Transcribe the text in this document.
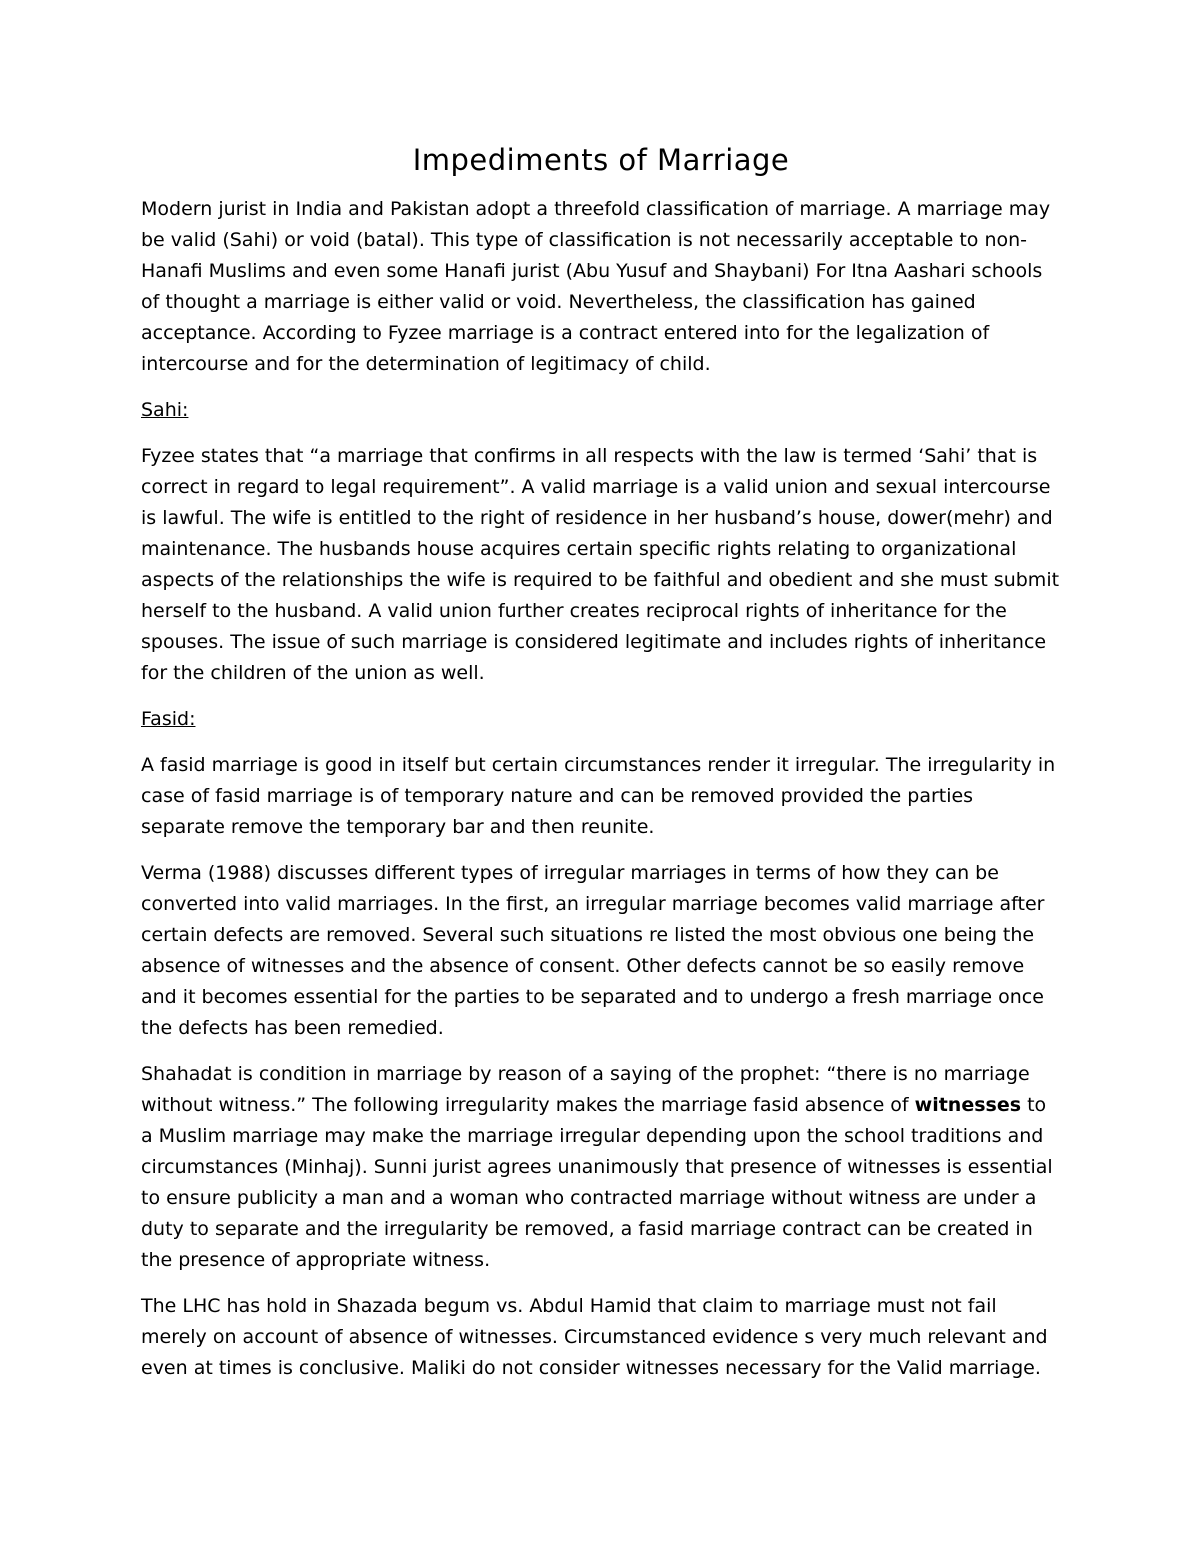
Impediments of Marriage

Modern jurist in India and Pakistan adopt a threefold classification of marriage. A marriage may be valid (Sahi) or void (batal). This type of classification is not necessarily acceptable to non-Hanafi Muslims and even some Hanafi jurist (Abu Yusuf and Shaybani) For Itna Aashari schools of thought a marriage is either valid or void. Nevertheless, the classification has gained acceptance. According to Fyzee marriage is a contract entered into for the legalization of intercourse and for the determination of legitimacy of child.

Sahi:

Fyzee states that “a marriage that confirms in all respects with the law is termed ‘Sahi’ that is correct in regard to legal requirement”. A valid marriage is a valid union and sexual intercourse is lawful. The wife is entitled to the right of residence in her husband’s house, dower(mehr) and maintenance. The husbands house acquires certain specific rights relating to organizational aspects of the relationships the wife is required to be faithful and obedient and she must submit herself to the husband. A valid union further creates reciprocal rights of inheritance for the spouses. The issue of such marriage is considered legitimate and includes rights of inheritance for the children of the union as well.

Fasid:

A fasid marriage is good in itself but certain circumstances render it irregular. The irregularity in case of fasid marriage is of temporary nature and can be removed provided the parties separate remove the temporary bar and then reunite.

Verma (1988) discusses different types of irregular marriages in terms of how they can be converted into valid marriages. In the first, an irregular marriage becomes valid marriage after certain defects are removed. Several such situations re listed the most obvious one being the absence of witnesses and the absence of consent. Other defects cannot be so easily remove and it becomes essential for the parties to be separated and to undergo a fresh marriage once the defects has been remedied.

Shahadat is condition in marriage by reason of a saying of the prophet: “there is no marriage without witness.” The following irregularity makes the marriage fasid absence of witnesses to a Muslim marriage may make the marriage irregular depending upon the school traditions and circumstances (Minhaj). Sunni jurist agrees unanimously that presence of witnesses is essential to ensure publicity a man and a woman who contracted marriage without witness are under a duty to separate and the irregularity be removed, a fasid marriage contract can be created in the presence of appropriate witness.

The LHC has hold in Shazada begum vs. Abdul Hamid that claim to marriage must not fail merely on account of absence of witnesses. Circumstanced evidence s very much relevant and even at times is conclusive. Maliki do not consider witnesses necessary for the Valid marriage.
